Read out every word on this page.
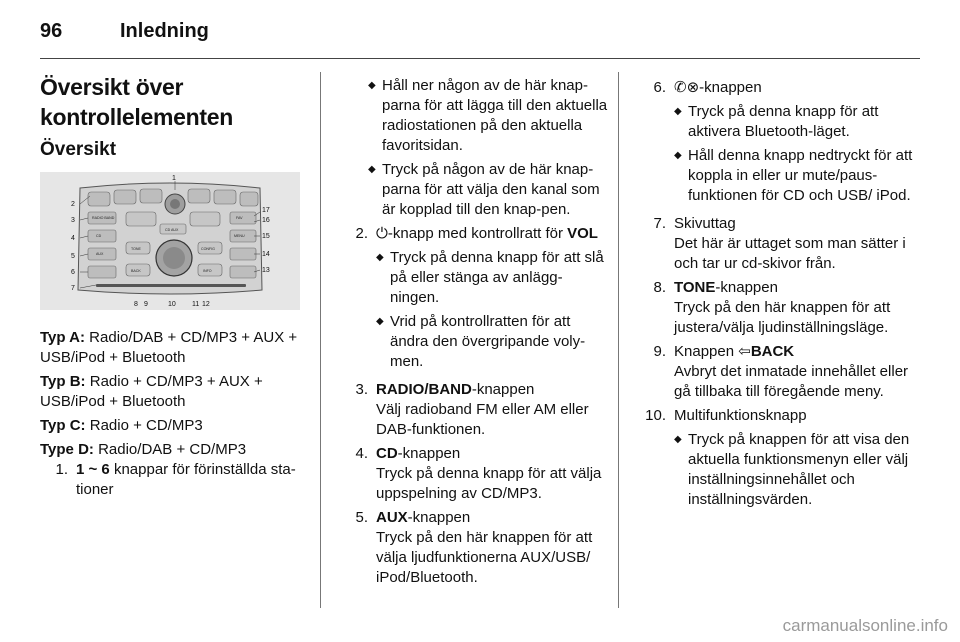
96	Inledning
Översikt över
kontrollelementen
Översikt
1
2
3
4
5
6
7
17
16
15
14
13
8 9	10 11 12
RADIO BAND
CD
AUX
TONE
BACK
CD AUX
CONFIG
INFO
FAV
MENU

Typ A: Radio/DAB + CD/MP3 + AUX + USB/iPod + Bluetooth

Typ B: Radio + CD/MP3 + AUX + USB/iPod + Bluetooth

Typ C: Radio + CD/MP3

Type D: Radio/DAB + CD/MP3

1. 1 ~ 6 knappar för förinställda sta-tioner
◆
Håll ner någon av de här knap-parna för att lägga till den aktuella radiostationen på den aktuella favoritsidan.
◆
Tryck på någon av de här knap-parna för att välja den kanal som är kopplad till den knap-pen.
2. ⏻-knapp med kontrollratt för VOL
◆
Tryck på denna knapp för att slå på eller stänga av anlägg-ningen.
◆
Vrid på kontrollratten för att ändra den övergripande voly-men.
3. RADIO/BAND-knappen
Välj radioband FM eller AM eller DAB-funktionen.
4. CD-knappen
Tryck på denna knapp för att välja uppspelning av CD/MP3.
5. AUX-knappen
Tryck på den här knappen för att välja ljudfunktionerna AUX/USB/ iPod/Bluetooth.
6. ✆⊗-knappen
◆
Tryck på denna knapp för att aktivera Bluetooth-läget.
◆
Håll denna knapp nedtryckt för att koppla in eller ur mute/paus-funktionen för CD och USB/ iPod.
7. Skivuttag
Det här är uttaget som man sätter i och tar ur cd-skivor från.
8. TONE-knappen
Tryck på den här knappen för att justera/välja ljudinställningsläge.
9. Knappen ⇦BACK
Avbryt det inmatade innehållet eller gå tillbaka till föregående meny.
10. Multifunktionsknapp
◆
Tryck på knappen för att visa den aktuella funktionsmenyn eller välj inställningsinnehållet och inställningsvärden.
carmanualsonline.info
